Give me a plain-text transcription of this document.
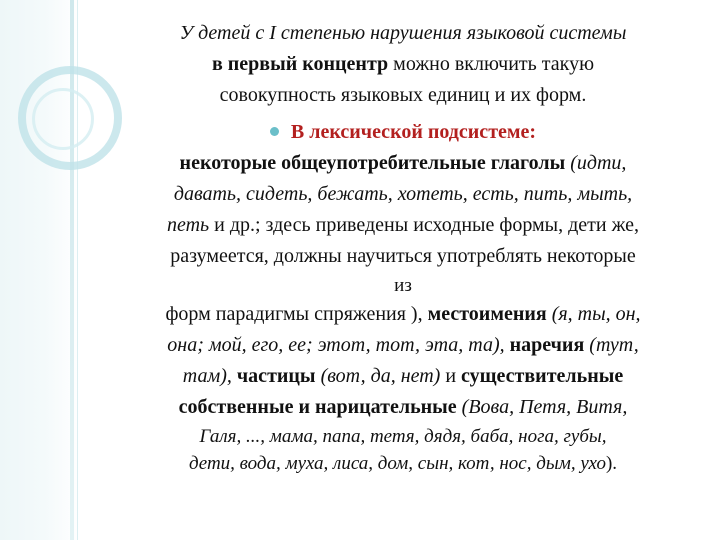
У детей с I степенью нарушения языковой системы
в первый концентр можно включить такую
совокупность языковых единиц и их форм.
В лексической подсистеме:
некоторые общеупотребительные глаголы (идти,
давать, сидеть, бежать, хотеть, есть, пить, мыть,
петь и др.; здесь приведены исходные формы, дети же,
разумеется, должны научиться употреблять некоторые
из
форм парадигмы спряжения ), местоимения (я, ты, он,
она; мой, его, ее; этот, тот, эта, та), наречия (тут,
там), частицы (вот, да, нет) и существительные
собственные и нарицательные (Вова, Петя, Витя,
Галя, ..., мама, папа, тетя, дядя, баба, нога, губы,
дети, вода, муха, лиса, дом, сын, кот, нос, дым, ухо).
